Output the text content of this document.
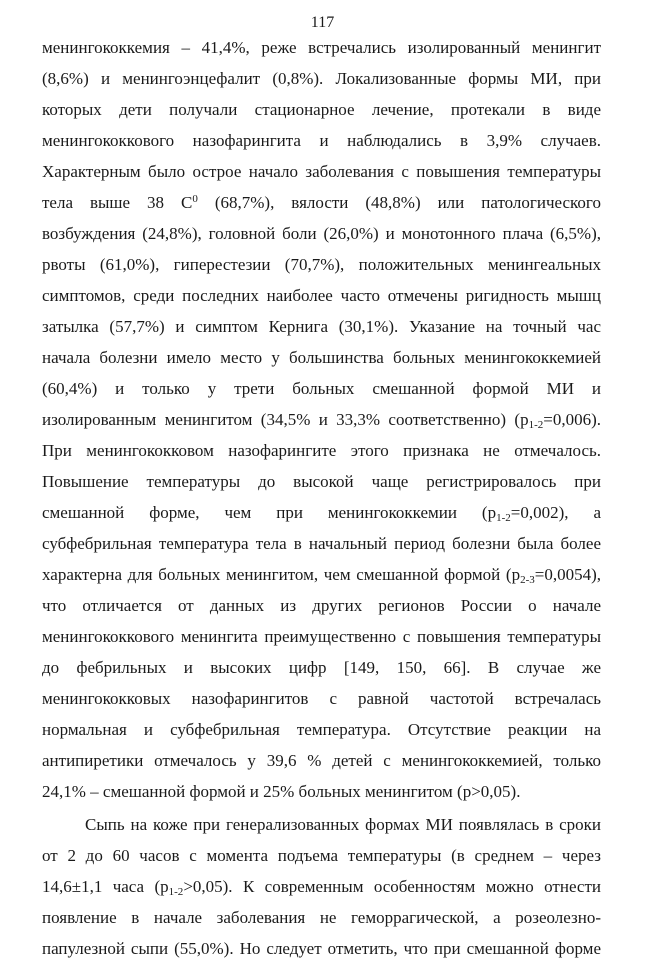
117
менингококкемия – 41,4%, реже встречались изолированный менингит
(8,6%) и менингоэнцефалит (0,8%). Локализованные формы МИ, при
которых дети получали стационарное лечение, протекали в виде
менингококкового назофарингита и наблюдались в 3,9% случаев.
Характерным было острое начало заболевания с повышения температуры
тела выше 38 $С^0$ (68,7%), вялости (48,8%) или патологического
возбуждения (24,8%), головной боли (26,0%) и монотонного плача (6,5%),
рвоты (61,0%), гиперестезии (70,7%), положительных менингеальных
симптомов, среди последних наиболее часто отмечены ригидность мышц
затылка (57,7%) и симптом Кернига (30,1%). Указание на точный час
начала болезни имело место у большинства больных менингококкемией
(60,4%) и только у трети больных смешанной формой МИ и
изолированным менингитом (34,5% и 33,3% соответственно) $(р_{1-2}=0,006)$.
При менингококковом назофарингите этого признака не отмечалось.
Повышение температуры до высокой чаще регистрировалось при
смешанной форме, чем при менингококкемии $(р_{1-2}=0,002)$, а
субфебрильная температура тела в начальный период болезни была более
характерна для больных менингитом, чем смешанной формой $(р_{2-3}=0,0054)$,
что отличается от данных из других регионов России о начале
менингококкового менингита преимущественно с повышения температуры
до фебрильных и высоких цифр [149, 150, 66]. В случае же
менингококковых назофарингитов с равной частотой встречалась
нормальная и субфебрильная температура. Отсутствие реакции на
антипиретики отмечалось у 39,6 % детей с менингококкемией, только
24,1% – смешанной формой и 25% больных менингитом (р>0,05).
Сыпь на коже при генерализованных формах МИ появлялась в сроки
от 2 до 60 часов с момента подъема температуры (в среднем – через
14,6±1,1 часа $(р_{1-2}>0,05)$. К современным особенностям можно отнести
появление в начале заболевания не геморрагической, а розеолезно-
папулезной сыпи (55,0%). Но следует отметить, что при смешанной форме
